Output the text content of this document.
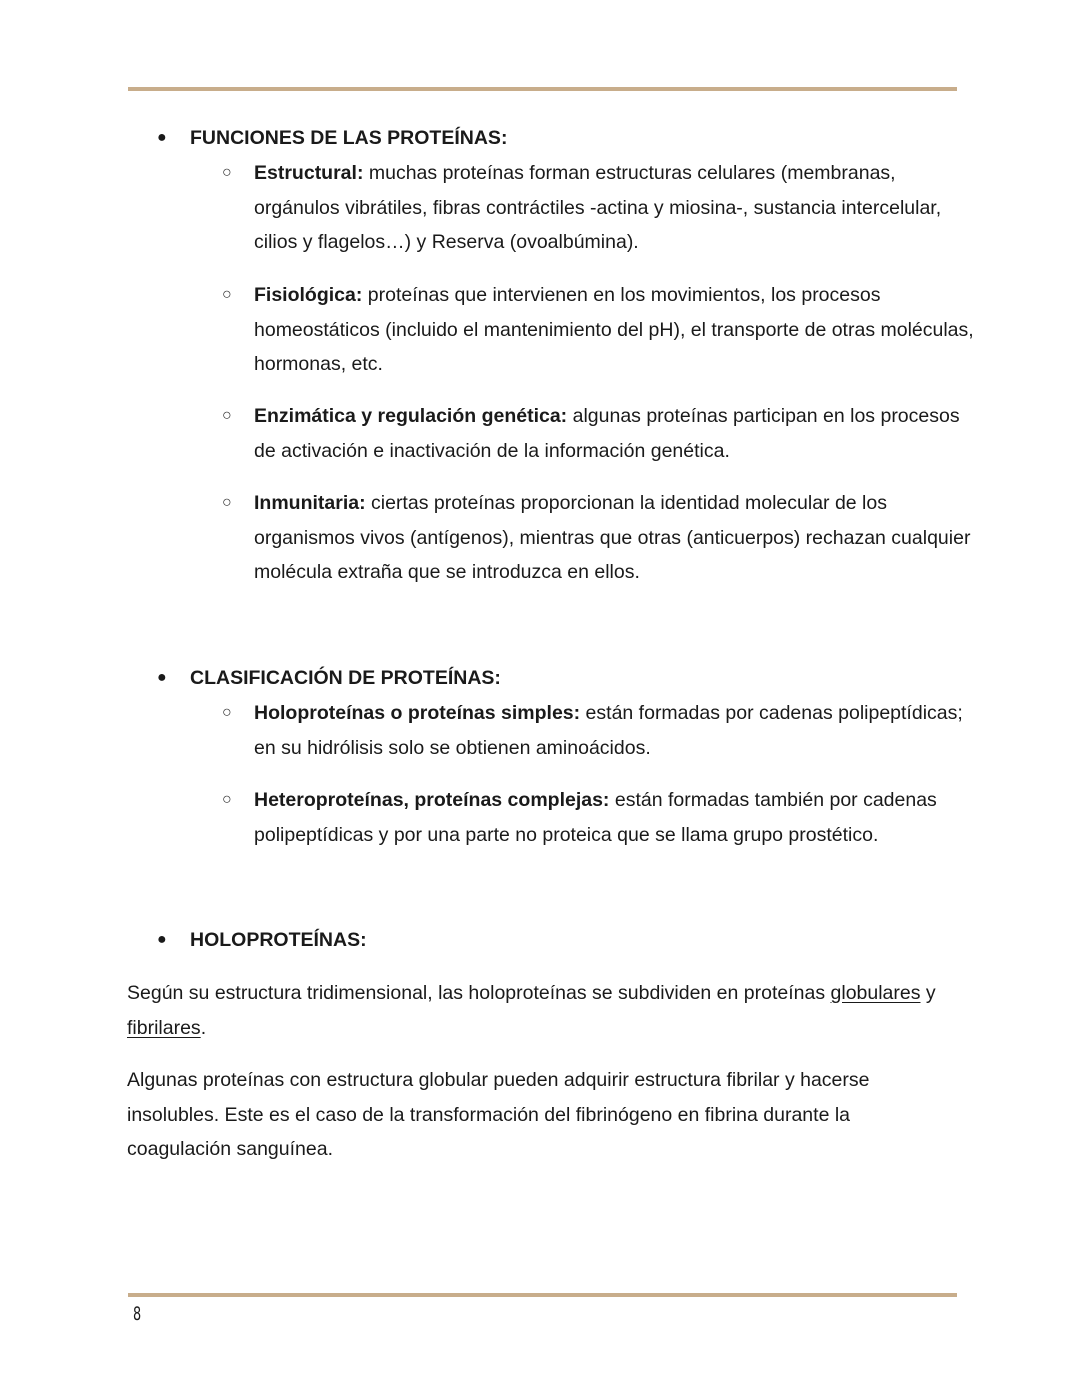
● FUNCIONES DE LAS PROTEÍNAS:
○ Estructural: muchas proteínas forman estructuras celulares (membranas, orgánulos vibrátiles, fibras contráctiles -actina y miosina-, sustancia intercelular, cilios y flagelos…) y Reserva (ovoalbúmina).
○ Fisiológica: proteínas que intervienen en los movimientos, los procesos homeostáticos (incluido el mantenimiento del pH), el transporte de otras moléculas, hormonas, etc.
○ Enzimática y regulación genética: algunas proteínas participan en los procesos de activación e inactivación de la información genética.
○ Inmunitaria: ciertas proteínas proporcionan la identidad molecular de los organismos vivos (antígenos), mientras que otras (anticuerpos) rechazan cualquier molécula extraña que se introduzca en ellos.
● CLASIFICACIÓN DE PROTEÍNAS:
○ Holoproteínas o proteínas simples: están formadas por cadenas polipeptídicas; en su hidrólisis solo se obtienen aminoácidos.
○ Heteroproteínas, proteínas complejas: están formadas también por cadenas polipeptídicas y por una parte no proteica que se llama grupo prostético.
● HOLOPROTEÍNAS:
Según su estructura tridimensional, las holoproteínas se subdividen en proteínas globulares y fibrilares.
Algunas proteínas con estructura globular pueden adquirir estructura fibrilar y hacerse insolubles. Este es el caso de la transformación del fibrinógeno en fibrina durante la coagulación sanguínea.
8
